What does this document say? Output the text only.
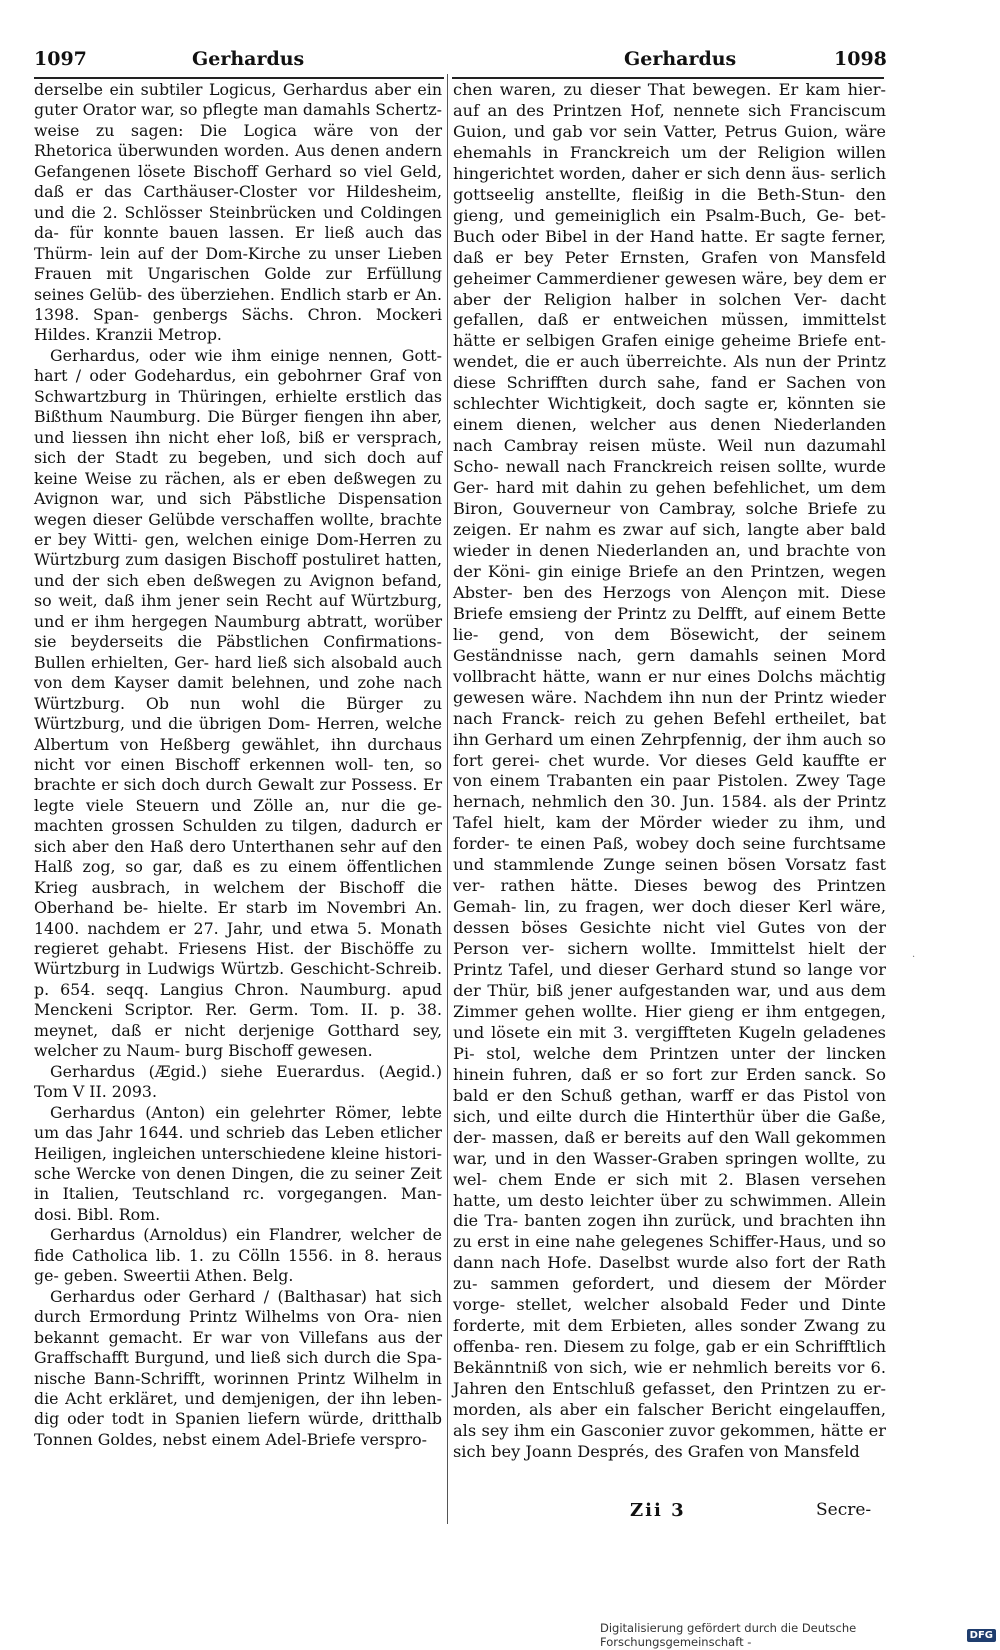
1097	Gerhardus	Gerhardus	1098

derselbe ein subtiler Logicus, Gerhardus aber ein guter Orator war, so pflegte man damahls Schertz- weise zu sagen: Die Logica wäre von der Rhetorica überwunden worden. Aus denen andern Gefangenen lösete Bischoff Gerhard so viel Geld, daß er das Carthäuser-Closter vor Hildesheim, und die 2. Schlösser Steinbrücken und Coldingen da- für konnte bauen lassen. Er ließ auch das Thürm- lein auf der Dom-Kirche zu unser Lieben Frauen mit Ungarischen Golde zur Erfüllung seines Gelüb- des überziehen. Endlich starb er An. 1398. Span- genbergs Sächs. Chron. Mockeri Hildes. Kranzii Metrop.

Gerhardus, oder wie ihm einige nennen, Gott- hart / oder Godehardus, ein gebohrner Graf von Schwartzburg in Thüringen, erhielte erstlich das Bißthum Naumburg. Die Bürger fiengen ihn aber, und liessen ihn nicht eher loß, biß er versprach, sich der Stadt zu begeben, und sich doch auf keine Weise zu rächen, als er eben deßwegen zu Avignon war, und sich Päbstliche Dispensation wegen dieser Gelübde verschaffen wollte, brachte er bey Witti- gen, welchen einige Dom-Herren zu Würtzburg zum dasigen Bischoff postuliret hatten, und der sich eben deßwegen zu Avignon befand, so weit, daß ihm jener sein Recht auf Würtzburg, und er ihm hergegen Naumburg abtratt, worüber sie beyderseits die Päbstlichen Confirmations-Bullen erhielten, Ger- hard ließ sich alsobald auch von dem Kayser damit belehnen, und zohe nach Würtzburg. Ob nun wohl die Bürger zu Würtzburg, und die übrigen Dom- Herren, welche Albertum von Heßberg gewählet, ihn durchaus nicht vor einen Bischoff erkennen woll- ten, so brachte er sich doch durch Gewalt zur Possess. Er legte viele Steuern und Zölle an, nur die ge- machten grossen Schulden zu tilgen, dadurch er sich aber den Haß dero Unterthanen sehr auf den Halß zog, so gar, daß es zu einem öffentlichen Krieg ausbrach, in welchem der Bischoff die Oberhand be- hielte. Er starb im Novembri An. 1400. nachdem er 27. Jahr, und etwa 5. Monath regieret gehabt. Friesens Hist. der Bischöffe zu Würtzburg in Ludwigs Würtzb. Geschicht-Schreib. p. 654. seqq. Langius Chron. Naumburg. apud Menckeni Scriptor. Rer. Germ. Tom. II. p. 38. meynet, daß er nicht derjenige Gotthard sey, welcher zu Naum- burg Bischoff gewesen.

Gerhardus (Ægid.) siehe Euerardus. (Aegid.) Tom V II. 2093.

Gerhardus (Anton) ein gelehrter Römer, lebte um das Jahr 1644. und schrieb das Leben etlicher Heiligen, ingleichen unterschiedene kleine histori- sche Wercke von denen Dingen, die zu seiner Zeit in Italien, Teutschland rc. vorgegangen. Man- dosi. Bibl. Rom.

Gerhardus (Arnoldus) ein Flandrer, welcher de fide Catholica lib. 1. zu Cölln 1556. in 8. heraus ge- geben. Sweertii Athen. Belg.

Gerhardus oder Gerhard / (Balthasar) hat sich durch Ermordung Printz Wilhelms von Ora- nien bekannt gemacht. Er war von Villefans aus der Graffschafft Burgund, und ließ sich durch die Spa- nische Bann-Schrifft, worinnen Printz Wilhelm in die Acht erkläret, und demjenigen, der ihn leben- dig oder todt in Spanien liefern würde, dritthalb Tonnen Goldes, nebst einem Adel-Briefe verspro-

chen waren, zu dieser That bewegen. Er kam hier- auf an des Printzen Hof, nennete sich Franciscum Guion, und gab vor sein Vatter, Petrus Guion, wäre ehemahls in Franckreich um der Religion willen hingerichtet worden, daher er sich denn äus- serlich gottseelig anstellte, fleißig in die Beth-Stun- den gieng, und gemeiniglich ein Psalm-Buch, Ge- bet-Buch oder Bibel in der Hand hatte. Er sagte ferner, daß er bey Peter Ernsten, Grafen von Mansfeld geheimer Cammerdiener gewesen wäre, bey dem er aber der Religion halber in solchen Ver- dacht gefallen, daß er entweichen müssen, immittelst hätte er selbigen Grafen einige geheime Briefe ent- wendet, die er auch überreichte. Als nun der Printz diese Schrifften durch sahe, fand er Sachen von schlechter Wichtigkeit, doch sagte er, könnten sie einem dienen, welcher aus denen Niederlanden nach Cambray reisen müste. Weil nun dazumahl Scho- newall nach Franckreich reisen sollte, wurde Ger- hard mit dahin zu gehen befehlichet, um dem Biron, Gouverneur von Cambray, solche Briefe zu zeigen. Er nahm es zwar auf sich, langte aber bald wieder in denen Niederlanden an, und brachte von der Köni- gin einige Briefe an den Printzen, wegen Abster- ben des Herzogs von Alençon mit. Diese Briefe emsieng der Printz zu Delfft, auf einem Bette lie- gend, von dem Bösewicht, der seinem Geständnisse nach, gern damahls seinen Mord vollbracht hätte, wann er nur eines Dolchs mächtig gewesen wäre. Nachdem ihn nun der Printz wieder nach Franck- reich zu gehen Befehl ertheilet, bat ihn Gerhard um einen Zehrpfennig, der ihm auch so fort gerei- chet wurde. Vor dieses Geld kauffte er von einem Trabanten ein paar Pistolen. Zwey Tage hernach, nehmlich den 30. Jun. 1584. als der Printz Tafel hielt, kam der Mörder wieder zu ihm, und forder- te einen Paß, wobey doch seine furchtsame und stammlende Zunge seinen bösen Vorsatz fast ver- rathen hätte. Dieses bewog des Printzen Gemah- lin, zu fragen, wer doch dieser Kerl wäre, dessen böses Gesichte nicht viel Gutes von der Person ver- sichern wollte. Immittelst hielt der Printz Tafel, und dieser Gerhard stund so lange vor der Thür, biß jener aufgestanden war, und aus dem Zimmer gehen wollte. Hier gieng er ihm entgegen, und lösete ein mit 3. vergiffteten Kugeln geladenes Pi- stol, welche dem Printzen unter der lincken hinein fuhren, daß er so fort zur Erden sanck. So bald er den Schuß gethan, warff er das Pistol von sich, und eilte durch die Hinterthür über die Gaße, der- massen, daß er bereits auf den Wall gekommen war, und in den Wasser-Graben springen wollte, zu wel- chem Ende er sich mit 2. Blasen versehen hatte, um desto leichter über zu schwimmen. Allein die Tra- banten zogen ihn zurück, und brachten ihn zu erst in eine nahe gelegenes Schiffer-Haus, und so dann nach Hofe. Daselbst wurde also fort der Rath zu- sammen gefordert, und diesem der Mörder vorge- stellet, welcher alsobald Feder und Dinte forderte, mit dem Erbieten, alles sonder Zwang zu offenba- ren. Diesem zu folge, gab er ein Schrifftlich Bekänntniß von sich, wie er nehmlich bereits vor 6. Jahren den Entschluß gefasset, den Printzen zu er- morden, als aber ein falscher Bericht eingelauffen, als sey ihm ein Gasconier zuvor gekommen, hätte er sich bey Joann Després, des Grafen von Mansfeld

Zii 3	Secre-
·
Digitalisierung gefördert durch die Deutsche Forschungsgemeinschaft -	DFG
